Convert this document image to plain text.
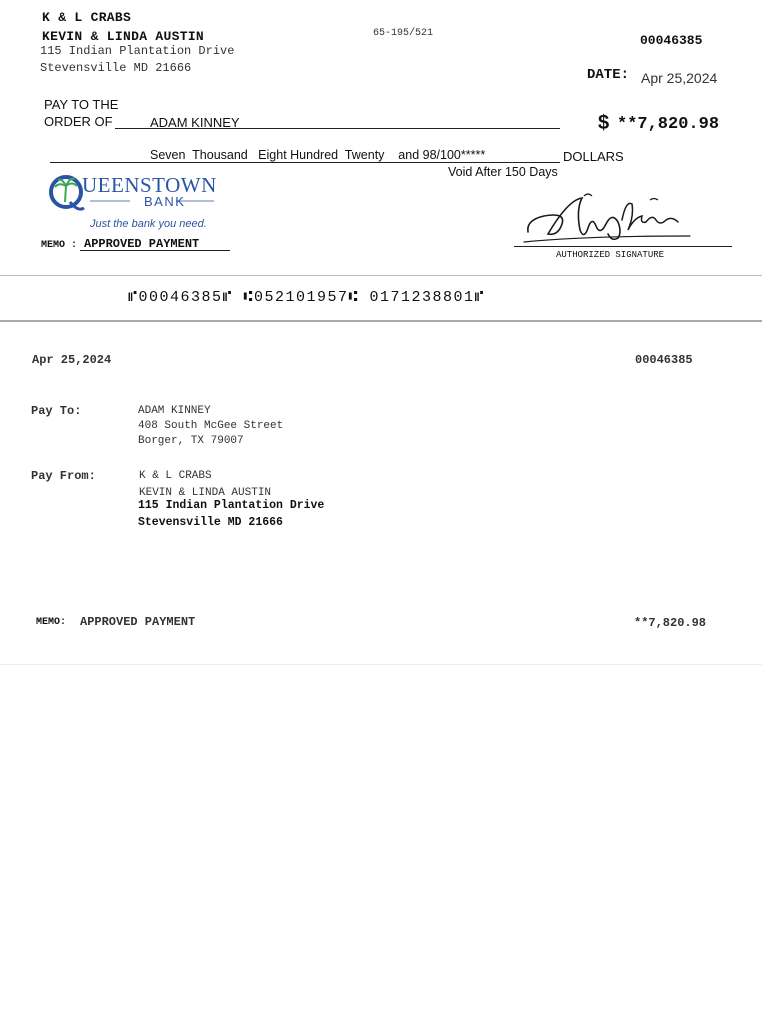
K & L CRABS
KEVIN & LINDA AUSTIN
115 Indian Plantation Drive
Stevensville MD 21666
65-195/521	00046385
DATE: Apr 25,2024
PAY TO THE
ORDER OF	ADAM KINNEY	$ **7,820.98
Seven  Thousand   Eight Hundred  Twenty    and 98/100*****	DOLLARS
Void After 150 Days
UEENSTOWN
BANK
Just the bank you need.
MEMO : APPROVED PAYMENT
AUTHORIZED SIGNATURE
⑈00046385⑈ ⑆052101957⑆ 0171238801⑈
Apr 25,2024	00046385
Pay To:	ADAM KINNEY
408 South McGee Street
Borger, TX 79007
Pay From:	K & L CRABS
KEVIN & LINDA AUSTIN
115 Indian Plantation Drive
Stevensville MD 21666
MEMO: APPROVED PAYMENT	**7,820.98
